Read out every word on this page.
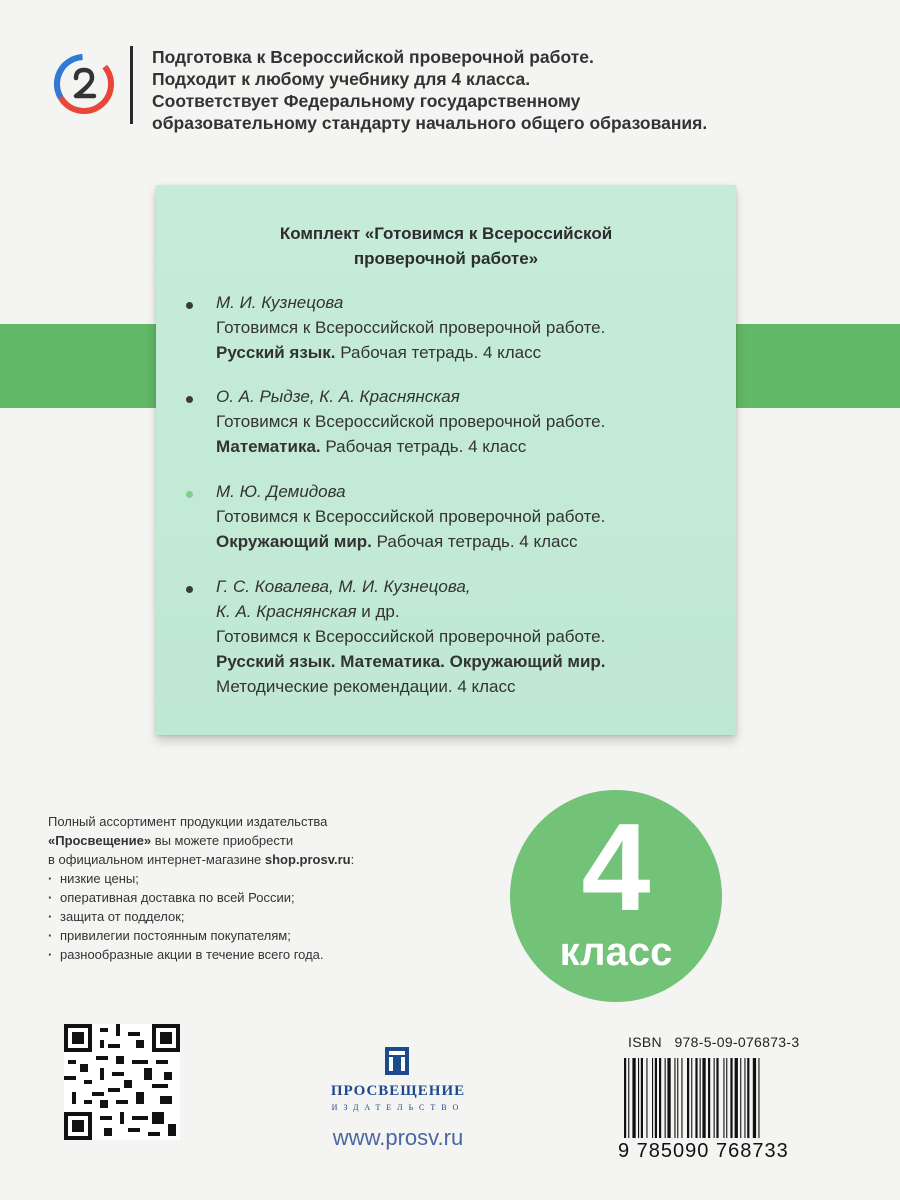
Подготовка к Всероссийской проверочной работе.
Подходит к любому учебнику для 4 класса.
Соответствует Федеральному государственному
образовательному стандарту начального общего образования.
Комплект «Готовимся к Всероссийской
проверочной работе»
М. И. Кузнецова
Готовимся к Всероссийской проверочной работе.
Русский язык. Рабочая тетрадь. 4 класс
О. А. Рыдзе, К. А. Краснянская
Готовимся к Всероссийской проверочной работе.
Математика. Рабочая тетрадь. 4 класс
М. Ю. Демидова
Готовимся к Всероссийской проверочной работе.
Окружающий мир. Рабочая тетрадь. 4 класс
Г. С. Ковалева, М. И. Кузнецова,
К. А. Краснянская и др.
Готовимся к Всероссийской проверочной работе.
Русский язык. Математика. Окружающий мир.
Методические рекомендации. 4 класс
Полный ассортимент продукции издательства
«Просвещение» вы можете приобрести
в официальном интернет-магазине shop.prosv.ru:
· низкие цены;
· оперативная доставка по всей России;
· защита от подделок;
· привилегии постоянным покупателям;
· разнообразные акции в течение всего года.
4
класс
ПРОСВЕЩЕНИЕ
ИЗДАТЕЛЬСТВО
www.prosv.ru
ISBN 978-5-09-076873-3
9 785090 768733
